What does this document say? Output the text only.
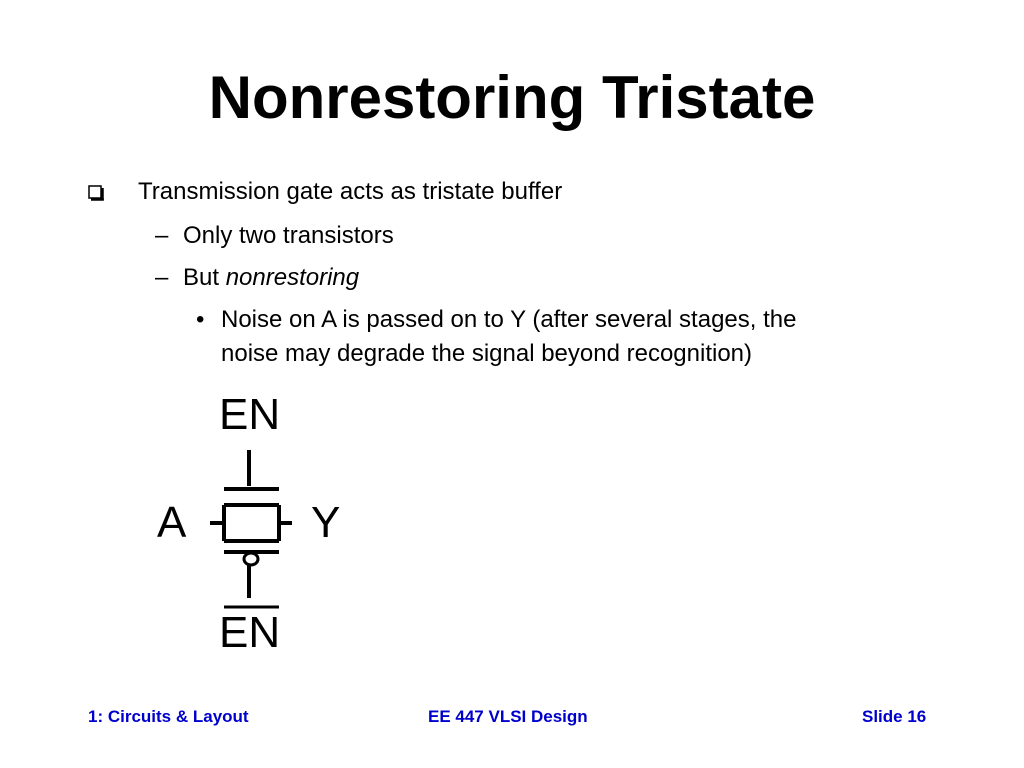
Nonrestoring Tristate
Transmission gate acts as tristate buffer
– Only two transistors
– But nonrestoring
• Noise on A is passed on to Y (after several stages, the
noise may degrade the signal beyond recognition)
EN
A	Y
EN
1: Circuits & Layout	EE 447 VLSI Design	Slide 16
